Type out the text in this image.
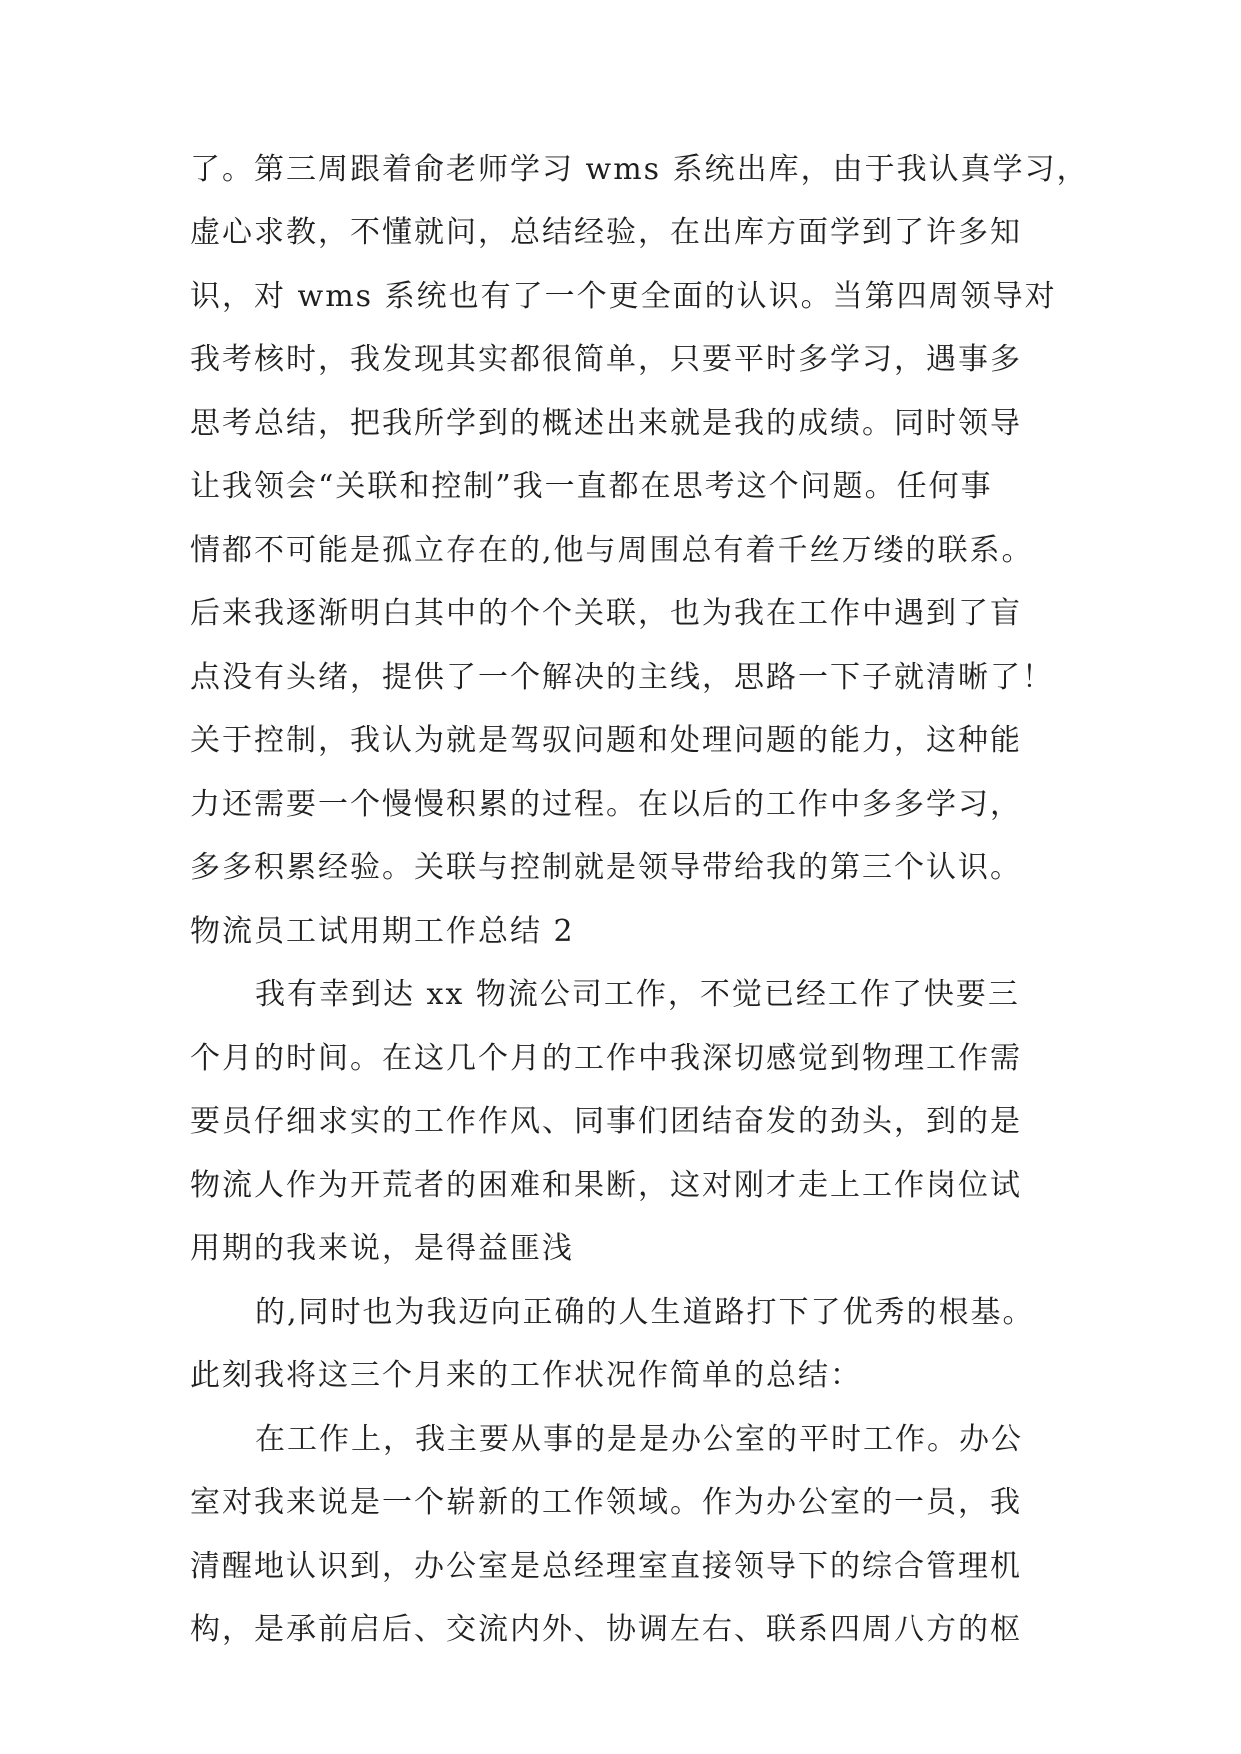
了。第三周跟着俞老师学习 wms 系统出库，由于我认真学习，
虚心求教，不懂就问，总结经验，在出库方面学到了许多知
识，对 wms 系统也有了一个更全面的认识。当第四周领导对
我考核时，我发现其实都很简单，只要平时多学习，遇事多
思考总结，把我所学到的概述出来就是我的成绩。同时领导
让我领会“关联和控制”我一直都在思考这个问题。任何事
情都不可能是孤立存在的,他与周围总有着千丝万缕的联系。
后来我逐渐明白其中的个个关联，也为我在工作中遇到了盲
点没有头绪，提供了一个解决的主线，思路一下子就清晰了！
关于控制，我认为就是驾驭问题和处理问题的能力，这种能
力还需要一个慢慢积累的过程。在以后的工作中多多学习，
多多积累经验。关联与控制就是领导带给我的第三个认识。
物流员工试用期工作总结 2
我有幸到达 xx 物流公司工作，不觉已经工作了快要三
个月的时间。在这几个月的工作中我深切感觉到物理工作需
要员仔细求实的工作作风、同事们团结奋发的劲头，到的是
物流人作为开荒者的困难和果断，这对刚才走上工作岗位试
用期的我来说，是得益匪浅
的,同时也为我迈向正确的人生道路打下了优秀的根基。
此刻我将这三个月来的工作状况作简单的总结：
在工作上，我主要从事的是是办公室的平时工作。办公
室对我来说是一个崭新的工作领域。作为办公室的一员，我
清醒地认识到，办公室是总经理室直接领导下的综合管理机
构，是承前启后、交流内外、协调左右、联系四周八方的枢
